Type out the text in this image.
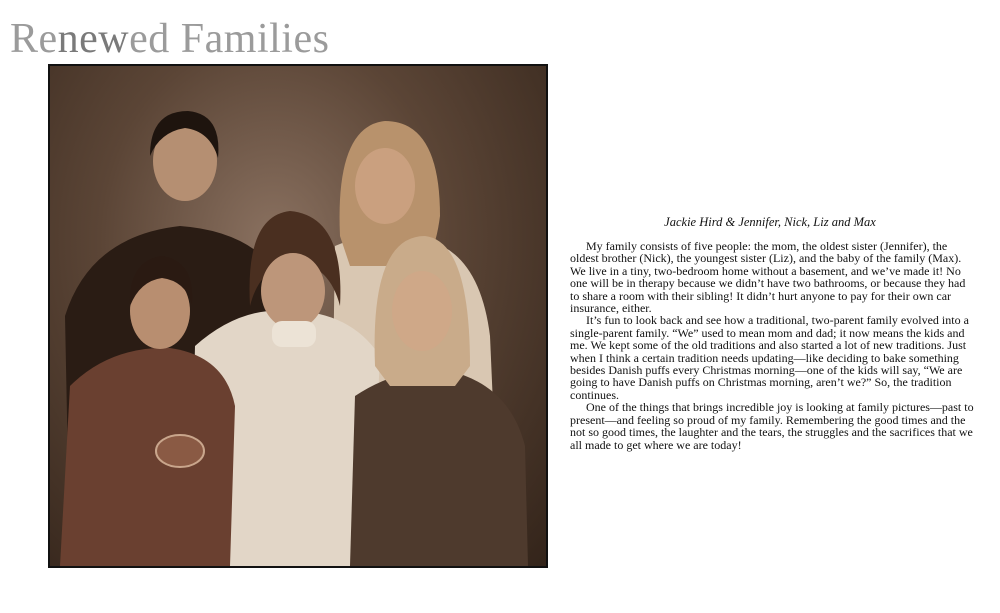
Renewed Families
Jackie Hird & Jennifer, Nick, Liz and Max

My family consists of five people: the mom, the oldest sister (Jennifer), the oldest brother (Nick), the youngest sister (Liz), and the baby of the family (Max). We live in a tiny, two-bedroom home without a basement, and we’ve made it! No one will be in therapy because we didn’t have two bathrooms, or because they had to share a room with their sibling! It didn’t hurt anyone to pay for their own car insurance, either.

It’s fun to look back and see how a traditional, two-parent family evolved into a single-parent family. “We” used to mean mom and dad; it now means the kids and me. We kept some of the old traditions and also started a lot of new traditions. Just when I think a certain tradition needs updating—like deciding to bake something besides Danish puffs every Christmas morning—one of the kids will say, “We are going to have Danish puffs on Christmas morning, aren’t we?” So, the tradition continues.

One of the things that brings incredible joy is looking at family pictures—past to present—and feeling so proud of my family. Remembering the good times and the not so good times, the laughter and the tears, the struggles and the sacrifices that we all made to get where we are today!
